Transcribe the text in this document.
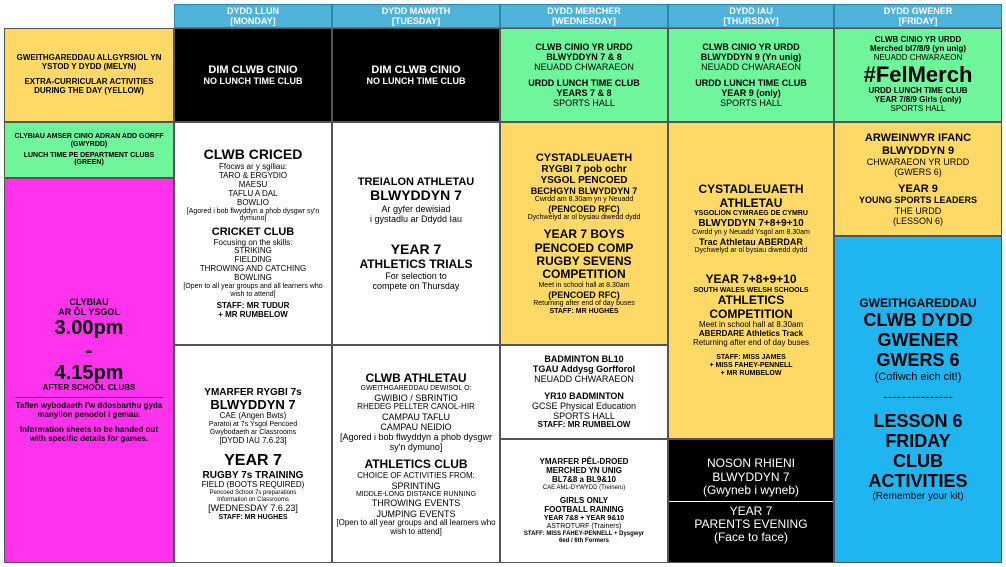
DYDD LLUN
[MONDAY]
DYDD MAWRTH
[TUESDAY]
DYDD MERCHER
[WEDNESDAY]
DYDD IAU
[THURSDAY]
DYDD GWENER
[FRIDAY]
GWEITHGAREDDAU ALLGYRSIOL YN YSTOD Y DYDD (MELYN)
EXTRA-CURRICULAR ACTIVITIES DURING THE DAY (YELLOW)
CLYBIAU AMSER CINIO ADRAN ADD GORFF (GWYRDD)
LUNCH TIME PE DEPARTMENT CLUBS (GREEN)
CLYBIAU
AR ÔL YSGOL
3.00pm
-
4.15pm
AFTER SCHOOL CLUBS
Taflen wybodaeth i'w ddosbarthu gyda manylion penodol i gemau.
Information sheets to be handed out with specific details for games.
DIM CLWB CINIO
NO LUNCH TIME CLUB
DIM CLWB CINIO
NO LUNCH TIME CLUB
CLWB CINIO YR URDD
BLWYDDYN 7 & 8
NEUADD CHWARAEON
URDD LUNCH TIME CLUB
YEARS 7 & 8
SPORTS HALL
CLWB CINIO YR URDD
BLWYDDYN 9 (Yn unig)
NEUADD CHWARAEON
URDD LUNCH TIME CLUB
YEAR 9 (only)
SPORTS HALL
CLWB CINIO YR URDD
Merched bl7/8/9 (yn unig)
NEUADD CHWARAEON
#FelMerch
URDD LUNCH TIME CLUB
YEAR 7/8/9 Girls (only)
SPORTS HALL
CLWB CRICED
Ffocws ar y sgiliau:
TARO & ERGYDIO
MAESU
TAFLU A DAL
BOWLIO
[Agored i bob flwyddyn a phob dysgwr sy'n dymuno]
CRICKET CLUB
Focusing on the skills:
STRIKING
FIELDING
THROWING AND CATCHING
BOWLING
[Open to all year groups and all learners who wish to attend]
STAFF: MR TUDUR
+ MR RUMBELOW
YMARFER RYGBI 7s
BLWYDDYN 7
CAE (Angen Bwts)
Paratoi at 7s Ysgol Pencoed
Gwybodaeth ar Classrooms
[DYDD IAU 7.6.23]
YEAR 7
RUGBY 7s TRAINING
FIELD (BOOTS REQUIRED)
Pencoed School 7s preparations
Information on Classrooms
[WEDNESDAY 7.6.23]
STAFF: MR HUGHES
TREIALON ATHLETAU
BLWYDDYN 7
Ar gyfer dewisiad
i gystadlu ar Ddydd Iau
YEAR 7
ATHLETICS TRIALS
For selection to
compete on Thursday
CLWB ATHLETAU
GWEITHGAREDDAU DEWISOL O:
GWIBIO / SBRINTIO
RHEDEG PELLTER CANOL-HIR
CAMPAU TAFLU
CAMPAU NEIDIO
[Agored i bob flwyddyn a phob dysgwr sy'n dymuno]
ATHLETICS CLUB
CHOICE OF ACTIVITIES FROM:
SPRINTING
MIDDLE-LONG DISTANCE RUNNING
THROWING EVENTS
JUMPING EVENTS
[Open to all year groups and all learners who wish to attend]
CYSTADLEUAETH
RYGBI 7 pob ochr
YSGOL PENCOED
BECHGYN BLWYDDYN 7
Cwrdd am 8.30am yn y Neuadd
(PENCOED RFC)
Dychwelyd ar ol bysiau diwedd dydd
YEAR 7 BOYS
PENCOED COMP
RUGBY SEVENS
COMPETITION
Meet in school hall at 8.30am
(PENCOED RFC)
Returning after end of day buses
STAFF: MR HUGHES
BADMINTON BL10
TGAU Addysg Gorfforol
NEUADD CHWARAEON
YR10 BADMINTON
GCSE Physical Education
SPORTS HALL
STAFF: MR RUMBELOW
YMARFER PÊL-DROED
MERCHED YN UNIG
BL7&8 a BL9&10
CAE AML-DYWYDD (Treineru)
GIRLS ONLY
FOOTBALL RAINING
YEAR 7&8 + YEAR 9&10
ASTROTURF (Trainers)
STAFF: MISS FAHEY-PENNELL + Dysgwyr
6ed / 6th Formers
CYSTADLEUAETH
ATHLETAU
YSGOLION CYMRAEG DE CYMRU
BLWYDDYN 7+8+9+10
Cwrdd yn y Neuadd Ysgol am 8.30am
Trac Athletau ABERDAR
Dychwelyd ar ol bysiau diwedd dydd
YEAR 7+8+9+10
SOUTH WALES WELSH SCHOOLS
ATHLETICS
COMPETITION
Meet in school hall at 8.30am
ABERDARE Athletics Track
Returning after end of day buses
STAFF: MISS JAMES
+ MISS FAHEY-PENNELL
+ MR RUMBELOW
NOSON RHIENI
BLWYDDYN 7
(Gwyneb i wyneb)
YEAR 7
PARENTS EVENING
(Face to face)
ARWEINWYR IFANC
BLWYDDYN 9
CHWARAEON YR URDD
(GWERS 6)
YEAR 9
YOUNG SPORTS LEADERS
THE URDD
(LESSON 6)
GWEITHGAREDDAU
CLWB DYDD
GWENER
GWERS 6
(Cofiwch eich cit!)
---------------
LESSON 6
FRIDAY
CLUB
ACTIVITIES
(Remember your kit)
